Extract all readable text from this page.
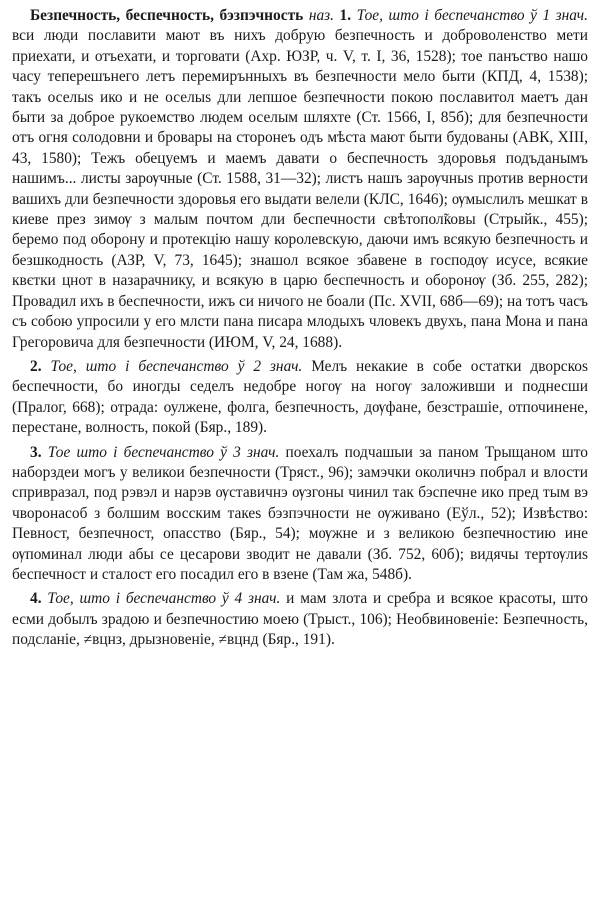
Безпечность, беспечность, бэзпэчность наз. 1. Тое, што і беспечанство ў 1 знач. вси люди пославити мают въ нихъ добрую безпечность и доброволенство мети приехати, и отъехати, и торговати (Ахр. ЮЗР, ч. V, т. I, 36, 1528); тое панъство нашо часу теперешънего летъ перемирънныхъ въ безпечности мело быти (КПД, 4, 1538); такъ оселыѕ ико и не оселыѕ дли лепшое безпечности покою пославитол маетъ дан быти за доброе рукоемство людем оселым шляхте (Ст. 1566, I, 85б); для безпечности отъ огня солодовни и бровары на сторонеъ одъ мѣста мают быти будованы (АВК, XIII, 43, 1580); Тежъ обецуемъ и маемъ давати о беспечность здоровья подъданымъ нашимъ... листы зарѹчные (Ст. 1588, 31—32); листъ нашъ зарѹчныѕ против верности вашихъ дли безпечности здоровья его выдати велели (КЛС, 1646); ѹмыслилъ мешкат в киеве през зимѹ з малым почтом дли беспечности свѣтопол̃ковы (Стрыйк., 455); беремо под оборону и протекцію нашу королевскую, даючи имъ всякую безпечность и безшкодность (АЗР, V, 73, 1645); знашол всякое збавене в господѹ исусе, всякие квєтки цнот в назарачнику, и всякую в царю беспечность и оборонѹ (Зб. 255, 282); Провадил ихъ в беспечности, ижъ си ничого не боали (Пс. XVII, 68б—69); на тотъ часъ съ собою упросили у его млсти пана писара млодыхъ члoвекъ двухъ, пана Мона и пана Грегоровича для безпечности (ИЮМ, V, 24, 1688).

2. Тое, што і беспечанство ў 2 знач. Мелъ некакие в собе остатки дворскоѕ беспечности, бо иногды седелъ недобре ногѹ на ногѹ заложивши и поднесши (Пралог, 668); отрада: оулжене, фолга, безпечность, дѹфане, безстрашіе, отпочинене, перестане, волность, покой (Бяр., 189).

3. Тое што і беспечанство ў 3 знач. поехалъ подчашыи за паном Трыщаном што наборздеи могъ у великои безпечности (Тряст., 96); замэчки околичнэ побрал и влости спривразал, под рэвэл и нарэв ѹставичнэ ѹзгоны чинил так бэспечне ико пред тым вэ чворонасоб з болшим восским такеѕ бэзпэчности не ѹживано (Еўл., 52); Извѣство: Певност, безпечност, опасство (Бяр., 54); мѹжне и з великою безпечностию ине ѹпоминал люди абы се цесарови зводит не давали (Зб. 752, 60б); видячы тертѹлиѕ беспечност и сталост его посадил его в взене (Там жа, 548б).

4. Тое, што і беспечанство ў 4 знач. и мам злота и сребра и всякое красоты, што есми добылъ зрадою и безпечностию моею (Трыст., 106); Необвиновеніе: Безпечность, подсланіе, ≠вцнз, дрызновеніе, ≠вцнд (Бяр., 191).
